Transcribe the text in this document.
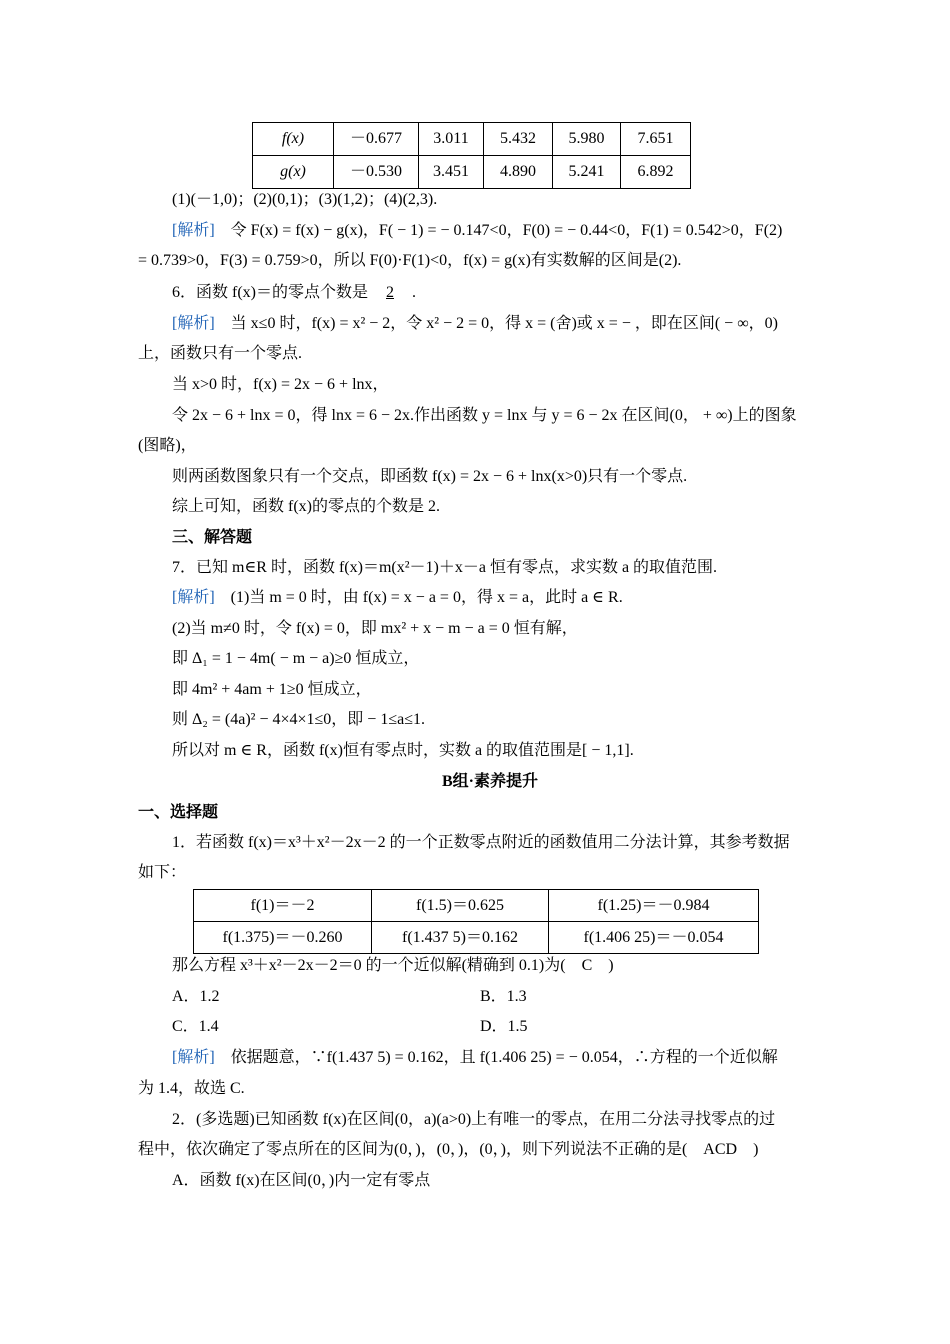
f(x)	－0.677	3.011	5.432	5.980	7.651
g(x)	－0.530	3.451	4.890	5.241	6.892
(1)(－1,0)；(2)(0,1)；(3)(1,2)；(4)(2,3).
[解析] 令 F(x) = f(x) − g(x)，F( − 1) = − 0.147<0，F(0) = − 0.44<0，F(1) = 0.542>0，F(2)
= 0.739>0，F(3) = 0.759>0，所以 F(0)·F(1)<0，f(x) = g(x)有实数解的区间是(2).
6．函数 f(x)＝的零点个数是 2 .
[解析] 当 x≤0 时，f(x) = x² − 2，令 x² − 2 = 0，得 x = (舍)或 x = − ，即在区间( − ∞，0)
上，函数只有一个零点.
当 x>0 时，f(x) = 2x − 6 + lnx，
令 2x − 6 + lnx = 0，得 lnx = 6 − 2x.作出函数 y = lnx 与 y = 6 − 2x 在区间(0， + ∞)上的图象
(图略)，
则两函数图象只有一个交点，即函数 f(x) = 2x − 6 + lnx(x>0)只有一个零点.
综上可知，函数 f(x)的零点的个数是 2.
三、解答题
7．已知 m∈R 时，函数 f(x)＝m(x²－1)＋x－a 恒有零点，求实数 a 的取值范围.
[解析] (1)当 m = 0 时，由 f(x) = x − a = 0，得 x = a，此时 a ∈ R.
(2)当 m≠0 时，令 f(x) = 0，即 mx² + x − m − a = 0 恒有解，
即 Δ₁ = 1 − 4m( − m − a)≥0 恒成立，
即 4m² + 4am + 1≥0 恒成立，
则 Δ₂ = (4a)² − 4×4×1≤0，即 − 1≤a≤1.
所以对 m ∈ R，函数 f(x)恒有零点时，实数 a 的取值范围是[ − 1,1].
B组·素养提升
一、选择题
1．若函数 f(x)＝x³＋x²－2x－2 的一个正数零点附近的函数值用二分法计算，其参考数据
如下：
f(1)＝－2	f(1.5)＝0.625	f(1.25)＝－0.984
f(1.375)＝－0.260	f(1.437 5)＝0.162	f(1.406 25)＝－0.054
那么方程 x³＋x²－2x－2＝0 的一个近似解(精确到 0.1)为(　C　)
A．1.2	B．1.3
C．1.4	D．1.5
[解析] 依据题意，∵f(1.437 5) = 0.162，且 f(1.406 25) = − 0.054，∴方程的一个近似解
为 1.4，故选 C.
2．(多选题)已知函数 f(x)在区间(0，a)(a>0)上有唯一的零点，在用二分法寻找零点的过
程中，依次确定了零点所在的区间为(0，)，(0，)，(0，)，则下列说法不正确的是(　ACD　)
A．函数 f(x)在区间(0，)内一定有零点
